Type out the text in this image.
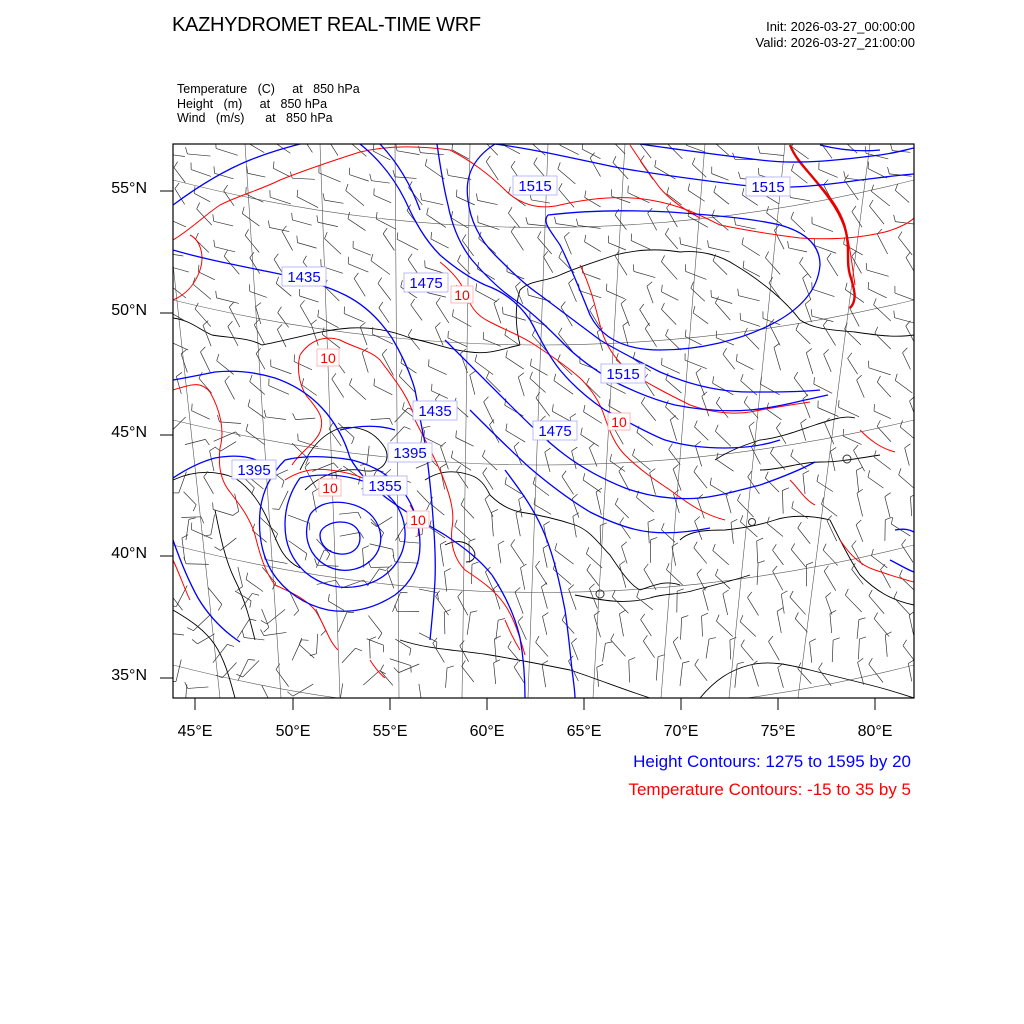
KAZHYDROMET REAL-TIME WRF	Init: 2026-03-27_00:00:00
Valid: 2026-03-27_21:00:00
Temperature   (C)     at   850 hPa
Height   (m)     at   850 hPa
Wind   (m/s)      at   850 hPa
1515	1515
1435	1475
1515
1435
1475
1395
1395
1355
10
10
10
10
10
55°N
50°N
45°N
40°N
35°N
45°E	50°E	55°E	60°E	65°E	70°E	75°E	80°E
Height Contours: 1275 to 1595 by 20
Temperature Contours: -15 to 35 by 5
